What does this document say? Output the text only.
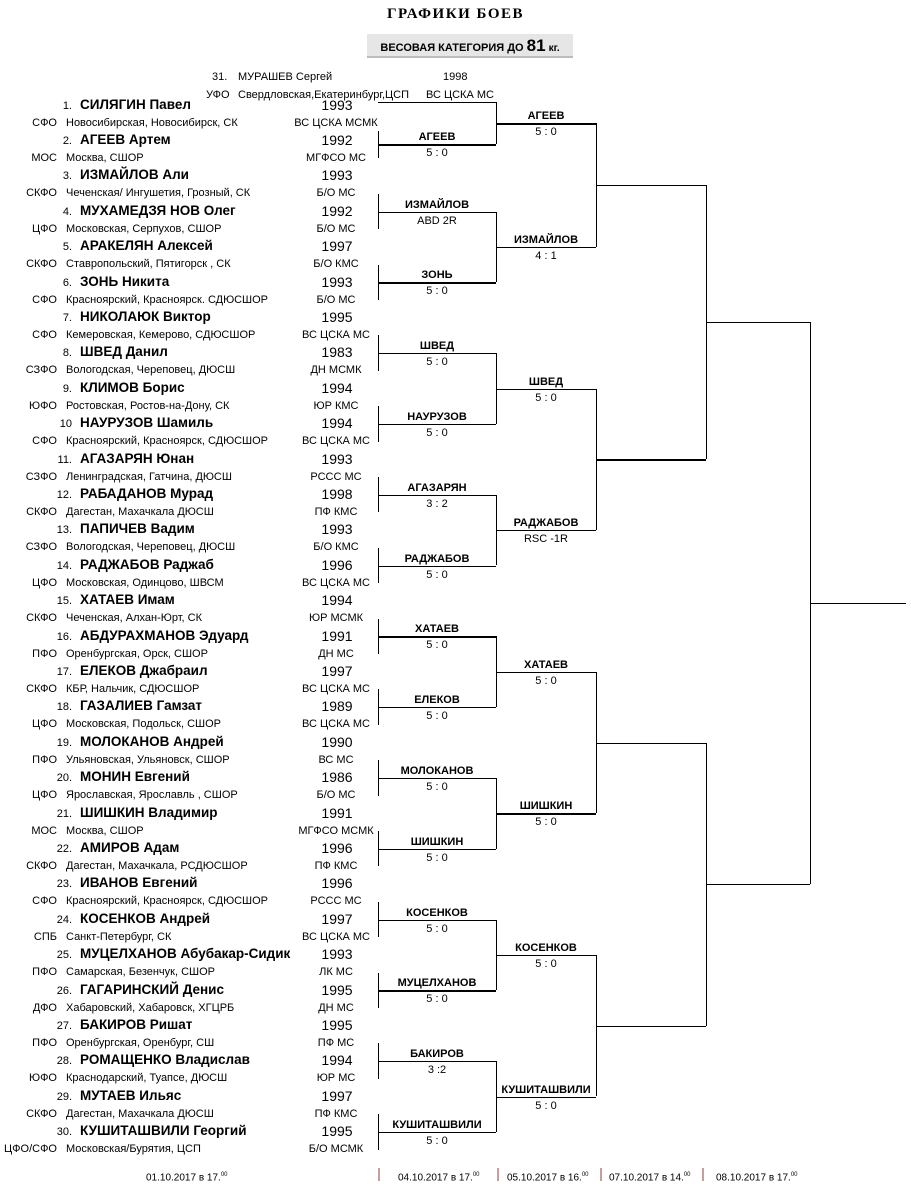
ГРАФИКИ БОЕВ
ВЕСОВАЯ КАТЕГОРИЯ ДО 81 кг.
31. МУРАШЕВ Сергей	1998
УФО Свердловская,Екатеринбург,ЦСП ВС ЦСКА МС
1. СИЛЯГИН Павел	1993
СФО Новосибирская, Новосибирск, СК	ВС ЦСКА МСМК
2. АГЕЕВ Артем	1992
МОС Москва, СШОР	МГФСО МС
3. ИЗМАЙЛОВ Али	1993
СКФО Чеченская/ Ингушетия, Грозный, СК	Б/О МС
4. МУХАМЕДЗЯ НОВ Олег	1992
ЦФО Московская, Серпухов, СШОР	Б/О МС
5. АРАКЕЛЯН Алексей	1997
СКФО Ставропольский, Пятигорск , СК	Б/О КМС
6. ЗОНЬ Никита	1993
СФО Красноярский, Красноярск. СДЮСШОР	Б/О МС
7. НИКОЛАЮК Виктор	1995
СФО Кемеровская, Кемерово, СДЮСШОР	ВС ЦСКА МС
8. ШВЕД Данил	1983
СЗФО Вологодская, Череповец, ДЮСШ	ДН МСМК
9. КЛИМОВ Борис	1994
ЮФО Ростовская, Ростов-на-Дону, СК	ЮР КМС
10 НАУРУЗОВ Шамиль	1994
СФО Красноярский, Красноярск, СДЮСШОР	ВС ЦСКА МС
11. АГАЗАРЯН Юнан	1993
СЗФО Ленинградская, Гатчина, ДЮСШ	РССС МС
12. РАБАДАНОВ Мурад	1998
СКФО Дагестан, Махачкала ДЮСШ	ПФ КМС
13. ПАПИЧЕВ Вадим	1993
СЗФО Вологодская, Череповец, ДЮСШ	Б/О КМС
14. РАДЖАБОВ Раджаб	1996
ЦФО Московская, Одинцово, ШВСМ	ВС ЦСКА МС
15. ХАТАЕВ Имам	1994
СКФО Чеченская, Алхан-Юрт, СК	ЮР МСМК
16. АБДУРАХМАНОВ Эдуард	1991
ПФО Оренбургская, Орск, СШОР	ДН МС
17. ЕЛЕКОВ Джабраил	1997
СКФО КБР, Нальчик, СДЮСШОР	ВС ЦСКА МС
18. ГАЗАЛИЕВ Гамзат	1989
ЦФО Московская, Подольск, СШОР	ВС ЦСКА МС
19. МОЛОКАНОВ Андрей	1990
ПФО Ульяновская, Ульяновск, СШОР	ВС МС
20. МОНИН Евгений	1986
ЦФО Ярославская, Ярославль , СШОР	Б/О МС
21. ШИШКИН Владимир	1991
МОС Москва, СШОР	МГФСО МСМК
22. АМИРОВ Адам	1996
СКФО Дагестан, Махачкала, РСДЮСШОР	ПФ КМС
23. ИВАНОВ Евгений	1996
СФО Красноярский, Красноярск, СДЮСШОР	РССС МС
24. КОСЕНКОВ Андрей	1997
СПБ Санкт-Петербург, СК	ВС ЦСКА МС
25. МУЦЕЛХАНОВ Абубакар-Сидик	1993
ПФО Самарская, Безенчук, СШОР	ЛК МС
26. ГАГАРИНСКИЙ Денис	1995
ДФО Хабаровский, Хабаровск, ХГЦРБ	ДН МС
27. БАКИРОВ Ришат	1995
ПФО Оренбургская, Оренбург, СШ	ПФ МС
28. РОМАЩЕНКО Владислав	1994
ЮФО Краснодарский, Туапсе, ДЮСШ	ЮР МС
29. МУТАЕВ Ильяс	1997
СКФО Дагестан, Махачкала ДЮСШ	ПФ КМС
30. КУШИТАШВИЛИ Георгий	1995
ЦФО/СФО Московская/Бурятия, ЦСП	Б/О МСМК
АГЕЕВ
5 : 0
ИЗМАЙЛОВ
ABD 2R
ЗОНЬ
5 : 0
ШВЕД
5 : 0
НАУРУЗОВ
5 : 0
АГАЗАРЯН
3 : 2
РАДЖАБОВ
5 : 0
ХАТАЕВ
5 : 0
ЕЛЕКОВ
5 : 0
МОЛОКАНОВ
5 : 0
ШИШКИН
5 : 0
КОСЕНКОВ
5 : 0
МУЦЕЛХАНОВ
5 : 0
БАКИРОВ
3 :2
КУШИТАШВИЛИ
5 : 0
АГЕЕВ
5 : 0
ИЗМАЙЛОВ
4 : 1
ШВЕД
5 : 0
РАДЖАБОВ
RSC -1R
ХАТАЕВ
5 : 0
ШИШКИН
5 : 0
КОСЕНКОВ
5 : 0
КУШИТАШВИЛИ
5 : 0
01.10.2017 в 17.00	04.10.2017 в 17.00	05.10.2017 в 16.00 07.10.2017 в 14.00	08.10.2017 в 17.00
